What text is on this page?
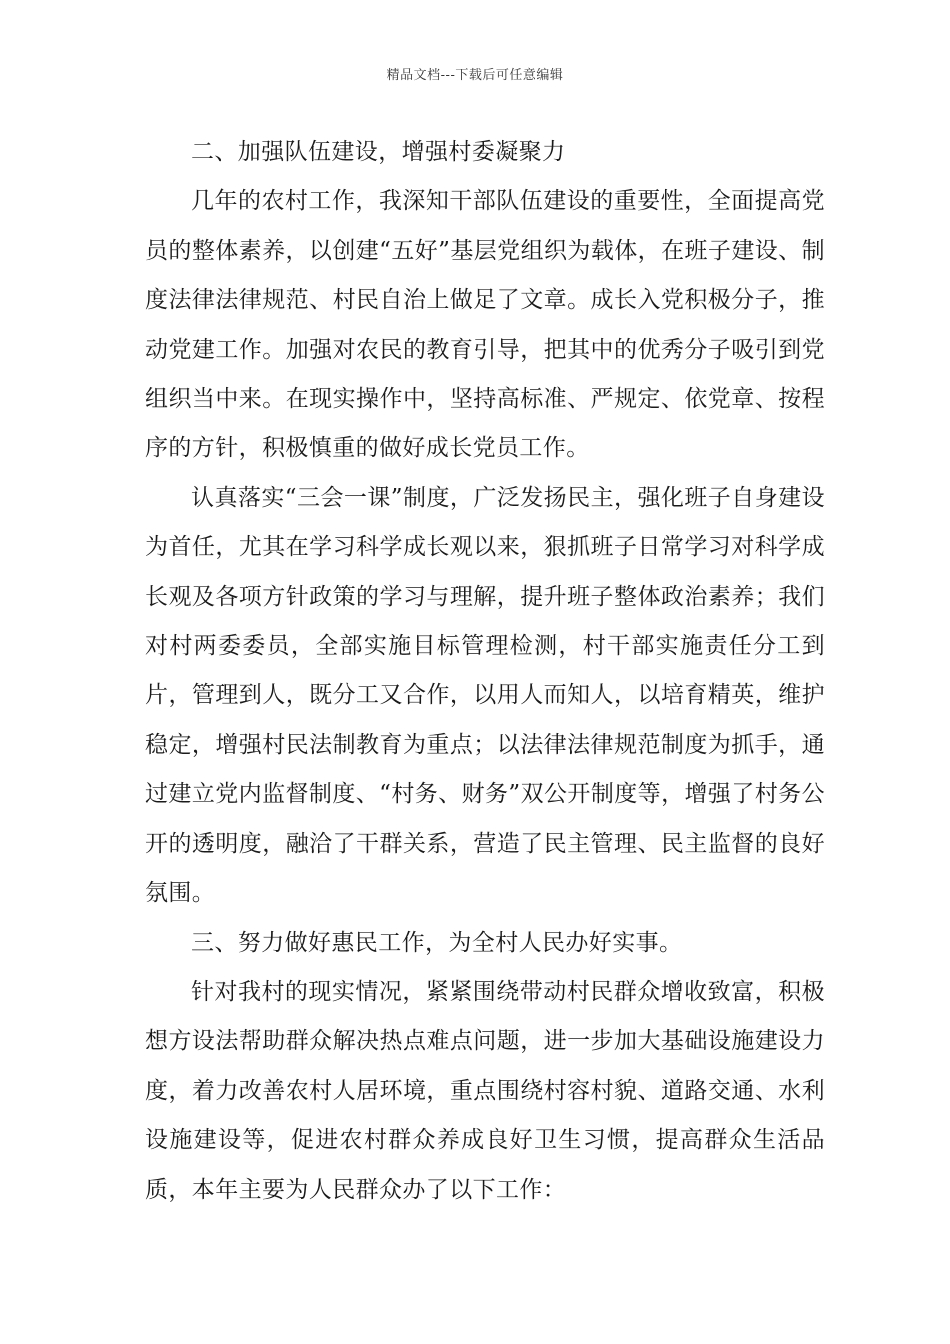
精品文档---下载后可任意编辑

二、加强队伍建设，增强村委凝聚力

几年的农村工作，我深知干部队伍建设的重要性，全面提高党员的整体素养，以创建“五好”基层党组织为载体，在班子建设、制度法律法律规范、村民自治上做足了文章。成长入党积极分子，推动党建工作。加强对农民的教育引导，把其中的优秀分子吸引到党组织当中来。在现实操作中，坚持高标准、严规定、依党章、按程序的方针，积极慎重的做好成长党员工作。

认真落实“三会一课”制度，广泛发扬民主，强化班子自身建设为首任，尤其在学习科学成长观以来，狠抓班子日常学习对科学成长观及各项方针政策的学习与理解，提升班子整体政治素养；我们对村两委委员，全部实施目标管理检测，村干部实施责任分工到片，管理到人，既分工又合作，以用人而知人，以培育精英，维护稳定，增强村民法制教育为重点；以法律法律规范制度为抓手，通过建立党内监督制度、“村务、财务”双公开制度等，增强了村务公开的透明度，融洽了干群关系，营造了民主管理、民主监督的良好氛围。

三、努力做好惠民工作，为全村人民办好实事。

针对我村的现实情况，紧紧围绕带动村民群众增收致富，积极想方设法帮助群众解决热点难点问题，进一步加大基础设施建设力度，着力改善农村人居环境，重点围绕村容村貌、道路交通、水利设施建设等，促进农村群众养成良好卫生习惯，提高群众生活品质，本年主要为人民群众办了以下工作：
